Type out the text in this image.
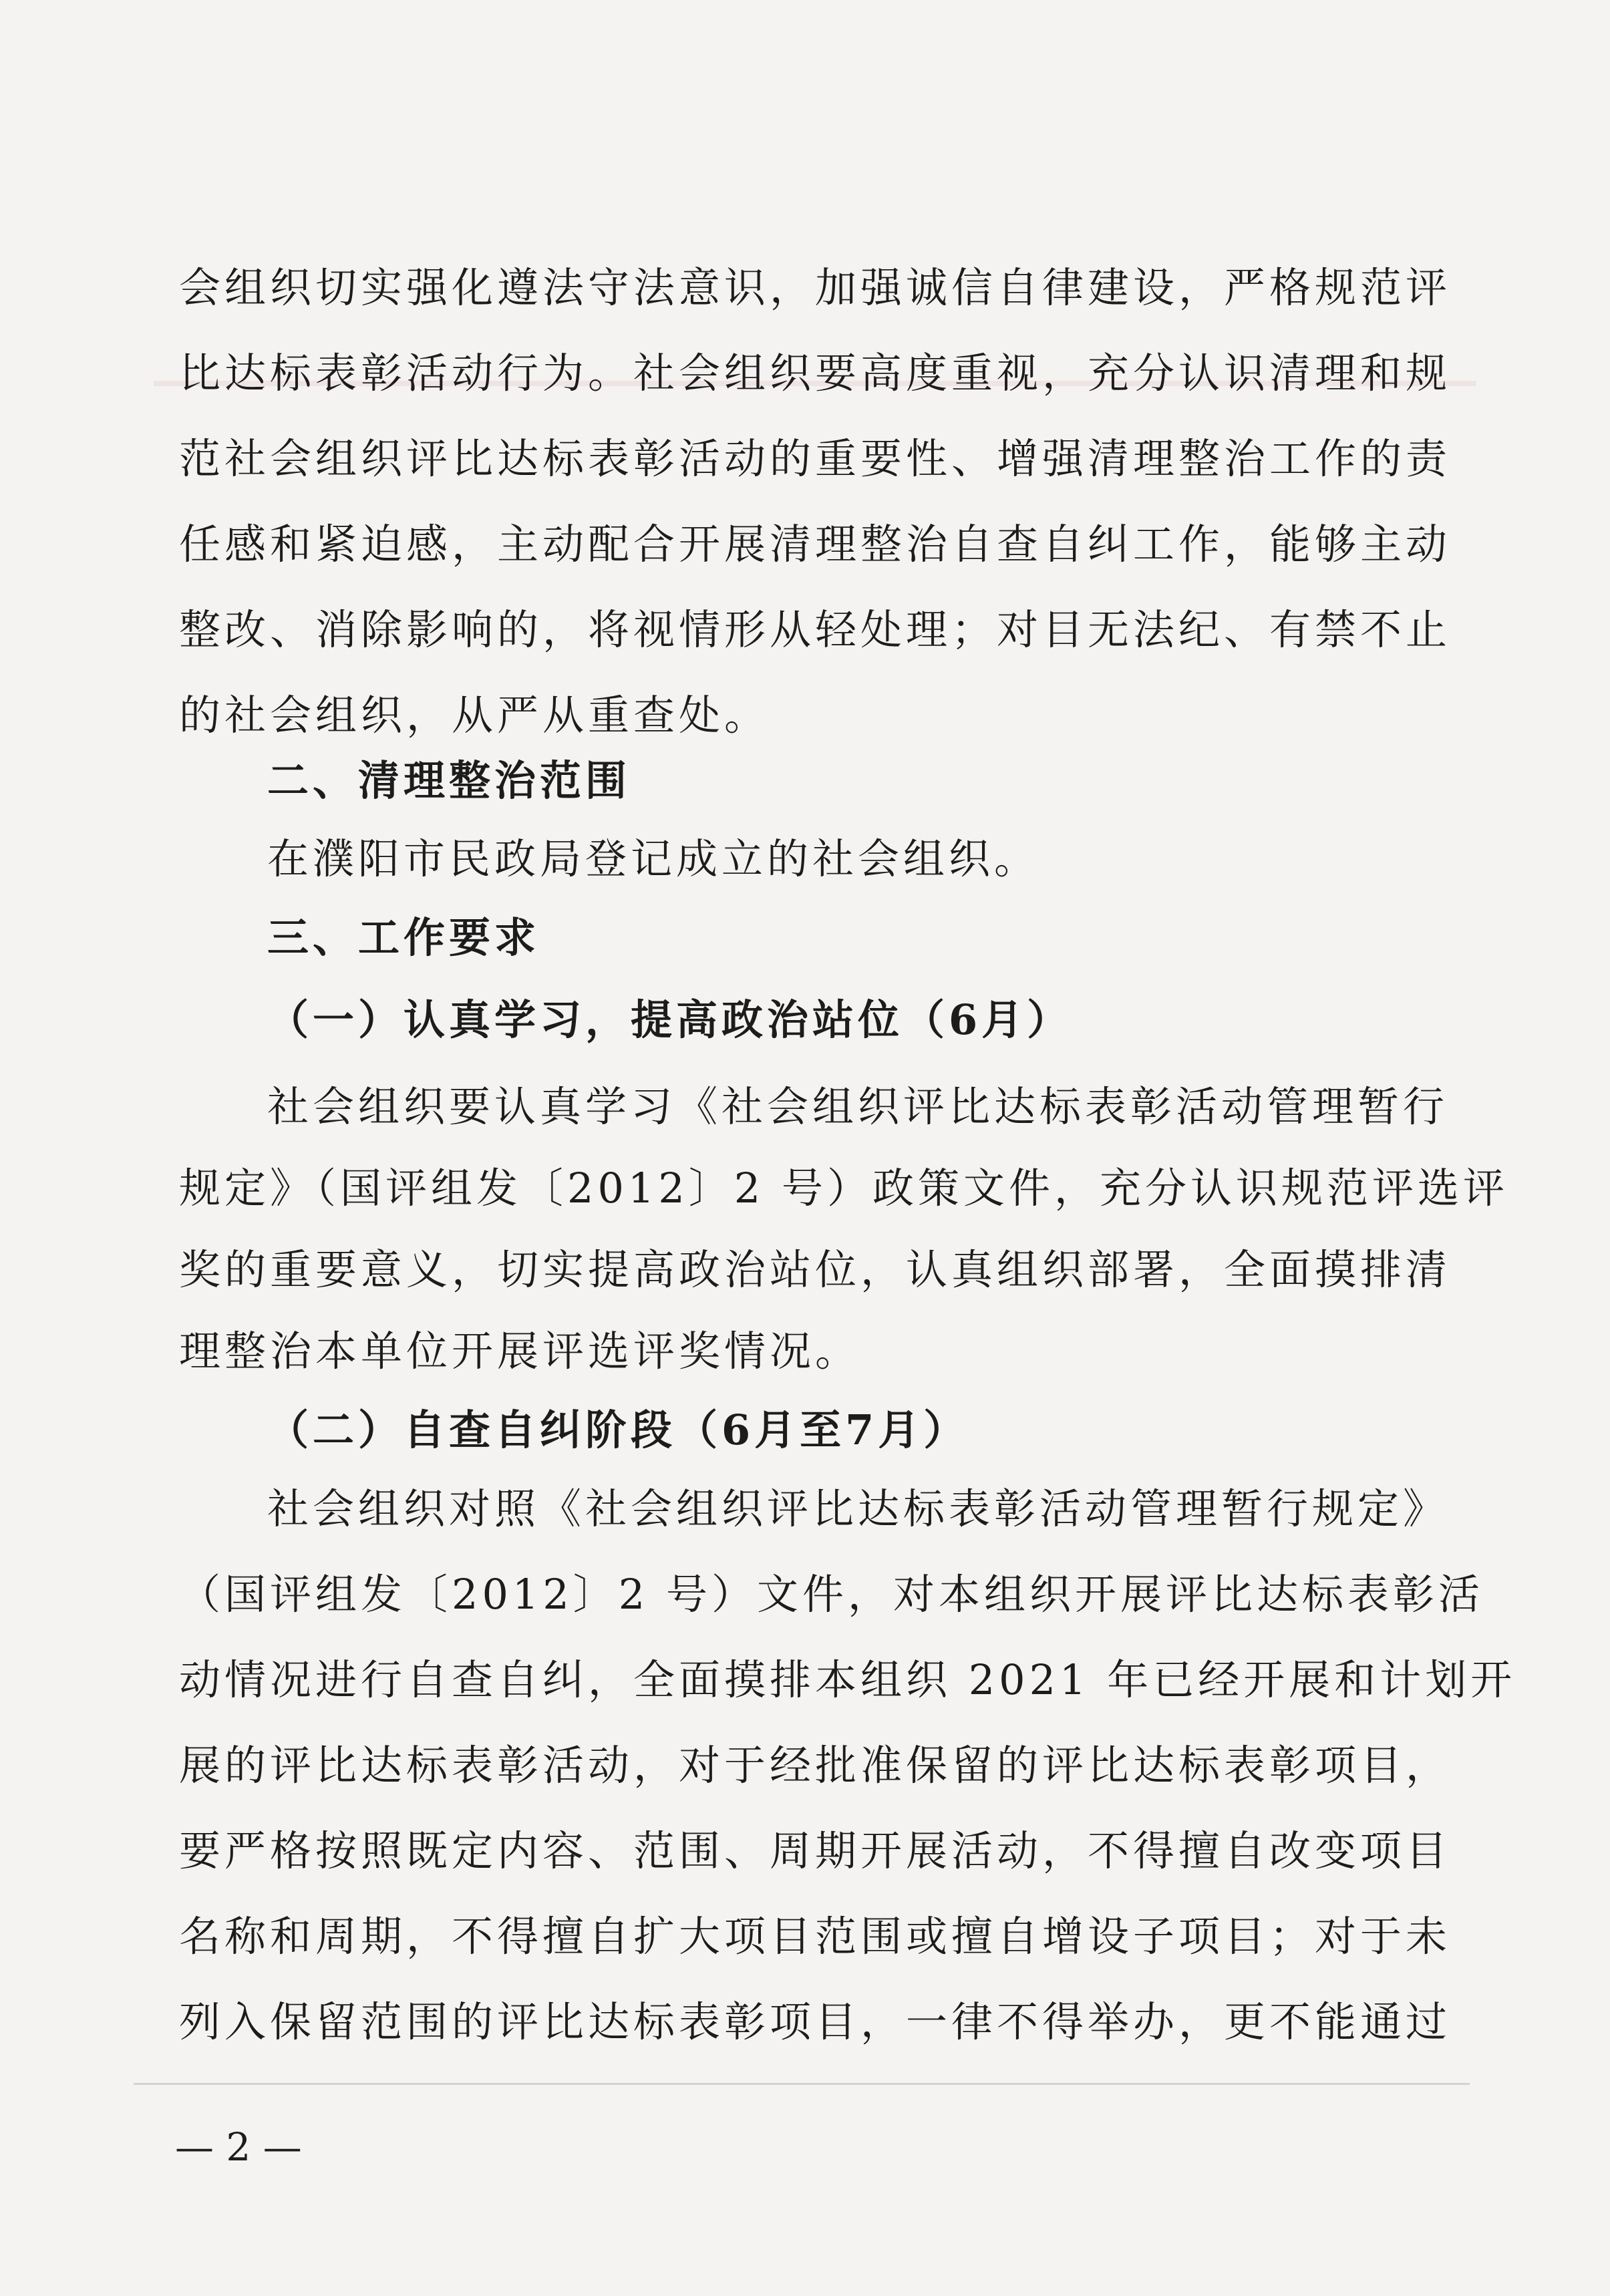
会组织切实强化遵法守法意识，加强诚信自律建设，严格规范评
比达标表彰活动行为。社会组织要高度重视，充分认识清理和规
范社会组织评比达标表彰活动的重要性、增强清理整治工作的责
任感和紧迫感，主动配合开展清理整治自查自纠工作，能够主动
整改、消除影响的，将视情形从轻处理；对目无法纪、有禁不止
的社会组织，从严从重查处。
二、清理整治范围
在濮阳市民政局登记成立的社会组织。
三、工作要求
（一）认真学习，提高政治站位（6月）
社会组织要认真学习《社会组织评比达标表彰活动管理暂行
规定》（国评组发〔2012〕2 号）政策文件，充分认识规范评选评
奖的重要意义，切实提高政治站位，认真组织部署，全面摸排清
理整治本单位开展评选评奖情况。
（二）自查自纠阶段（6月至7月）
社会组织对照《社会组织评比达标表彰活动管理暂行规定》
（国评组发〔2012〕2 号）文件，对本组织开展评比达标表彰活
动情况进行自查自纠，全面摸排本组织 2021 年已经开展和计划开
展的评比达标表彰活动，对于经批准保留的评比达标表彰项目，
要严格按照既定内容、范围、周期开展活动，不得擅自改变项目
名称和周期，不得擅自扩大项目范围或擅自增设子项目；对于未
列入保留范围的评比达标表彰项目，一律不得举办，更不能通过
— 2 —
